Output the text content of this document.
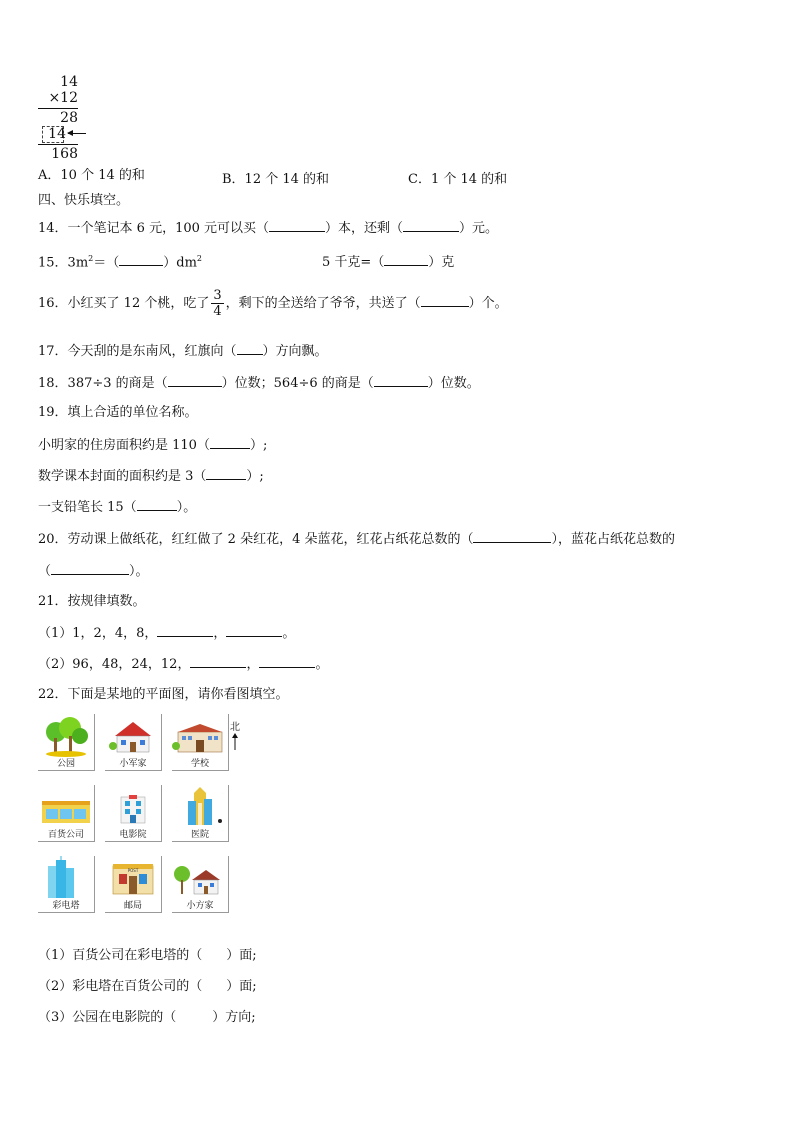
14
×12
28
14
168
A．10 个 14 的和	B．12 个 14 的和	C．1 个 14 的和
四、快乐填空。
14．一个笔记本 6 元，100 元可以买（	）本，还剩（	）元。
15．$3m^2=$（	）$dm^2$	5 千克=（	）克
16．小红买了 12 个桃，吃了 $\frac{3}{4}$ ，剩下的全送给了爷爷，共送了（	）个。
17．今天刮的是东南风，红旗向（ ）方向飘。
18．387÷3 的商是（	）位数；564÷6 的商是（	）位数。
19．填上合适的单位名称。
小明家的住房面积约是 110（	）;
数学课本封面的面积约是 3（	）;
一支铅笔长 15（	）。
20．劳动课上做纸花，红红做了 2 朵红花，4 朵蓝花，红花占纸花总数的（	），蓝花占纸花总数的
（	）。
21．按规律填数。
（1）1，2，4，8，	，	。
（2）96，48，24，12，	，	。
22．下面是某地的平面图，请你看图填空。
北
公园	小军家	学校
百货公司	电影院	医院
彩电塔
POST
邮局	小方家
（1）百货公司在彩电塔的（ ）面;
（2）彩电塔在百货公司的（ ）面;
（3）公园在电影院的（	）方向;
